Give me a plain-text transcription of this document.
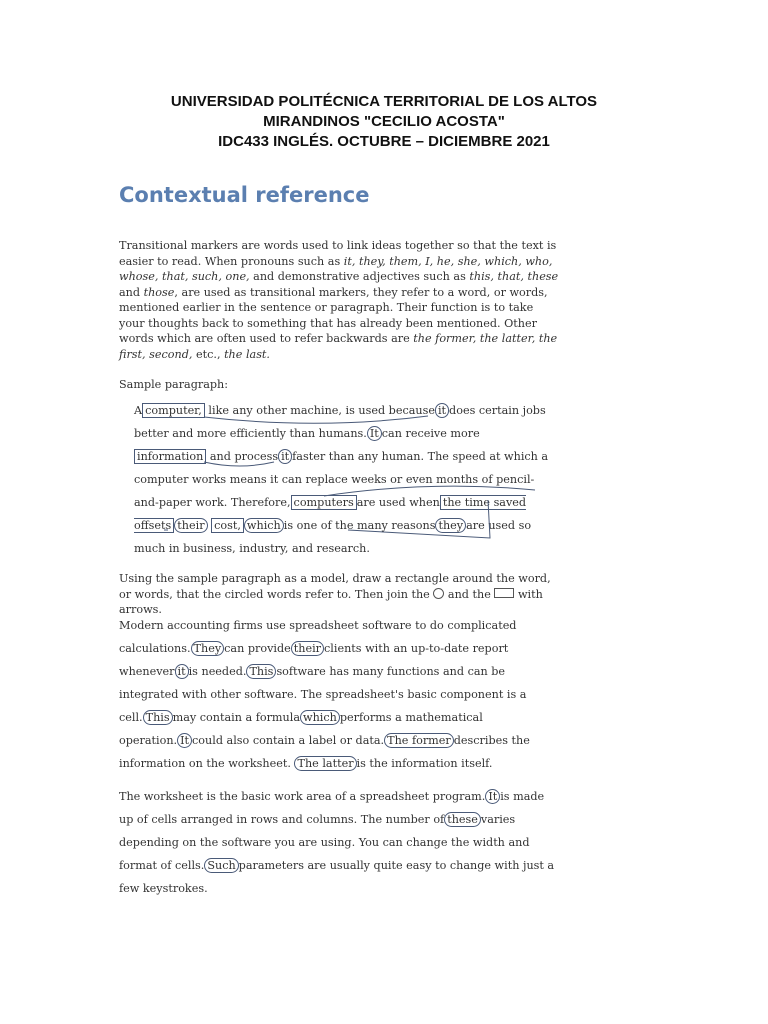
UNIVERSIDAD POLITÉCNICA TERRITORIAL DE LOS ALTOS
MIRANDINOS "CECILIO ACOSTA"
IDC433 INGLÉS. OCTUBRE – DICIEMBRE 2021
Contextual reference
Transitional markers are words used to link ideas together so that the text is easier to read. When pronouns such as it, they, them, I, he, she, which, who, whose, that, such, one, and demonstrative adjectives such as this, that, these and those, are used as transitional markers, they refer to a word, or words, mentioned earlier in the sentence or paragraph. Their function is to take your thoughts back to something that has already been mentioned. Other words which are often used to refer backwards are the former, the latter, the first, second, etc., the last.
Sample paragraph:
A computer, like any other machine, is used because it does certain jobs better and more efficiently than humans. It can receive more information and process it faster than any human. The speed at which a computer works means it can replace weeks or even months of pencil-and-paper work. Therefore, computers are used when the time saved offsets their cost, which is one of the many reasons they are used so much in business, industry, and research.
Using the sample paragraph as a model, draw a rectangle around the word, or words, that the circled words refer to. Then join the  and the  with arrows.
Modern accounting firms use spreadsheet software to do complicated calculations. They can provide their clients with an up-to-date report whenever it is needed. This software has many functions and can be integrated with other software. The spreadsheet's basic component is a cell. This may contain a formula which performs a mathematical operation. It could also contain a label or data. The former describes the information on the worksheet. The latter is the information itself.
The worksheet is the basic work area of a spreadsheet program. It is made up of cells arranged in rows and columns. The number of these varies depending on the software you are using. You can change the width and format of cells. Such parameters are usually quite easy to change with just a few keystrokes.
